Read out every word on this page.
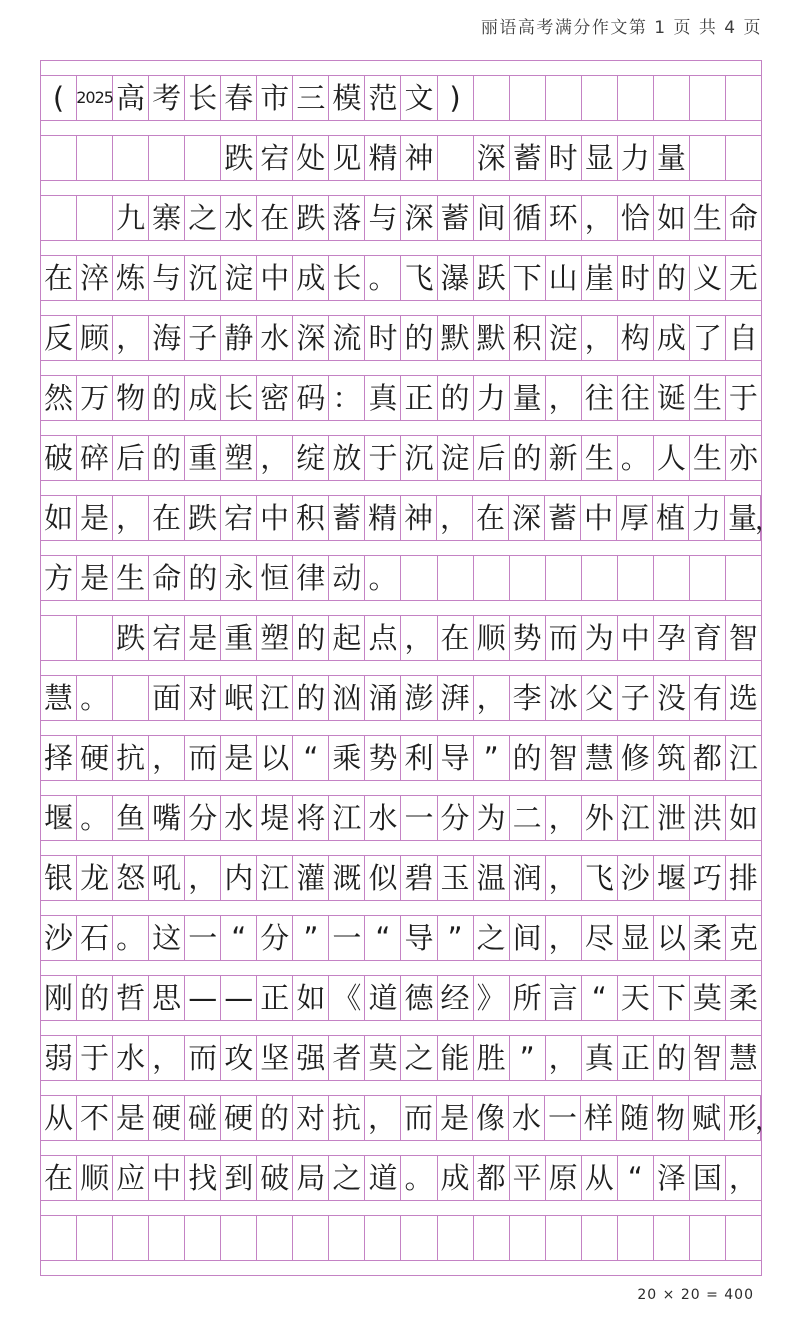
丽语高考满分作文第 1 页 共 4 页
( 2025 高 考 长 春 市 三 模 范 文 )
跌 宕 处 见 精 神 深 蓄 时 显 力 量
九 寨 之 水 在 跌 落 与 深 蓄 间 循 环 ， 恰 如 生 命
在 淬 炼 与 沉 淀 中 成 长 。 飞 瀑 跃 下 山 崖 时 的 义 无
反 顾 ， 海 子 静 水 深 流 时 的 默 默 积 淀 ， 构 成 了 自
然 万 物 的 成 长 密 码 ： 真 正 的 力 量 ， 往 往 诞 生 于
破 碎 后 的 重 塑 ， 绽 放 于 沉 淀 后 的 新 生 。 人 生 亦
如 是 ， 在 跌 宕 中 积 蓄 精 神 ， 在 深 蓄 中 厚 植 力 量
，
方 是 生 命 的 永 恒 律 动 。
跌 宕 是 重 塑 的 起 点 ， 在 顺 势 而 为 中 孕 育 智
慧 。 面 对 岷 江 的 汹 涌 澎 湃 ， 李 冰 父 子 没 有 选
择 硬 抗 ， 而 是 以 “ 乘 势 利 导 ” 的 智 慧 修 筑 都 江
堰 。 鱼 嘴 分 水 堤 将 江 水 一 分 为 二 ， 外 江 泄 洪 如
银 龙 怒 吼 ， 内 江 灌 溉 似 碧 玉 温 润 ， 飞 沙 堰 巧 排
沙 石 。 这 一 “ 分 ” 一 “ 导 ” 之 间 ， 尽 显 以 柔 克
刚 的 哲 思 — — 正 如 《 道 德 经 》 所 言 “ 天 下 莫 柔
弱 于 水 ， 而 攻 坚 强 者 莫 之 能 胜 ” ， 真 正 的 智 慧
从 不 是 硬 碰 硬 的 对 抗 ， 而 是 像 水 一 样 随 物 赋 形
，
在 顺 应 中 找 到 破 局 之 道 。 成 都 平 原 从 “ 泽 国 ，
20 × 20 = 400
